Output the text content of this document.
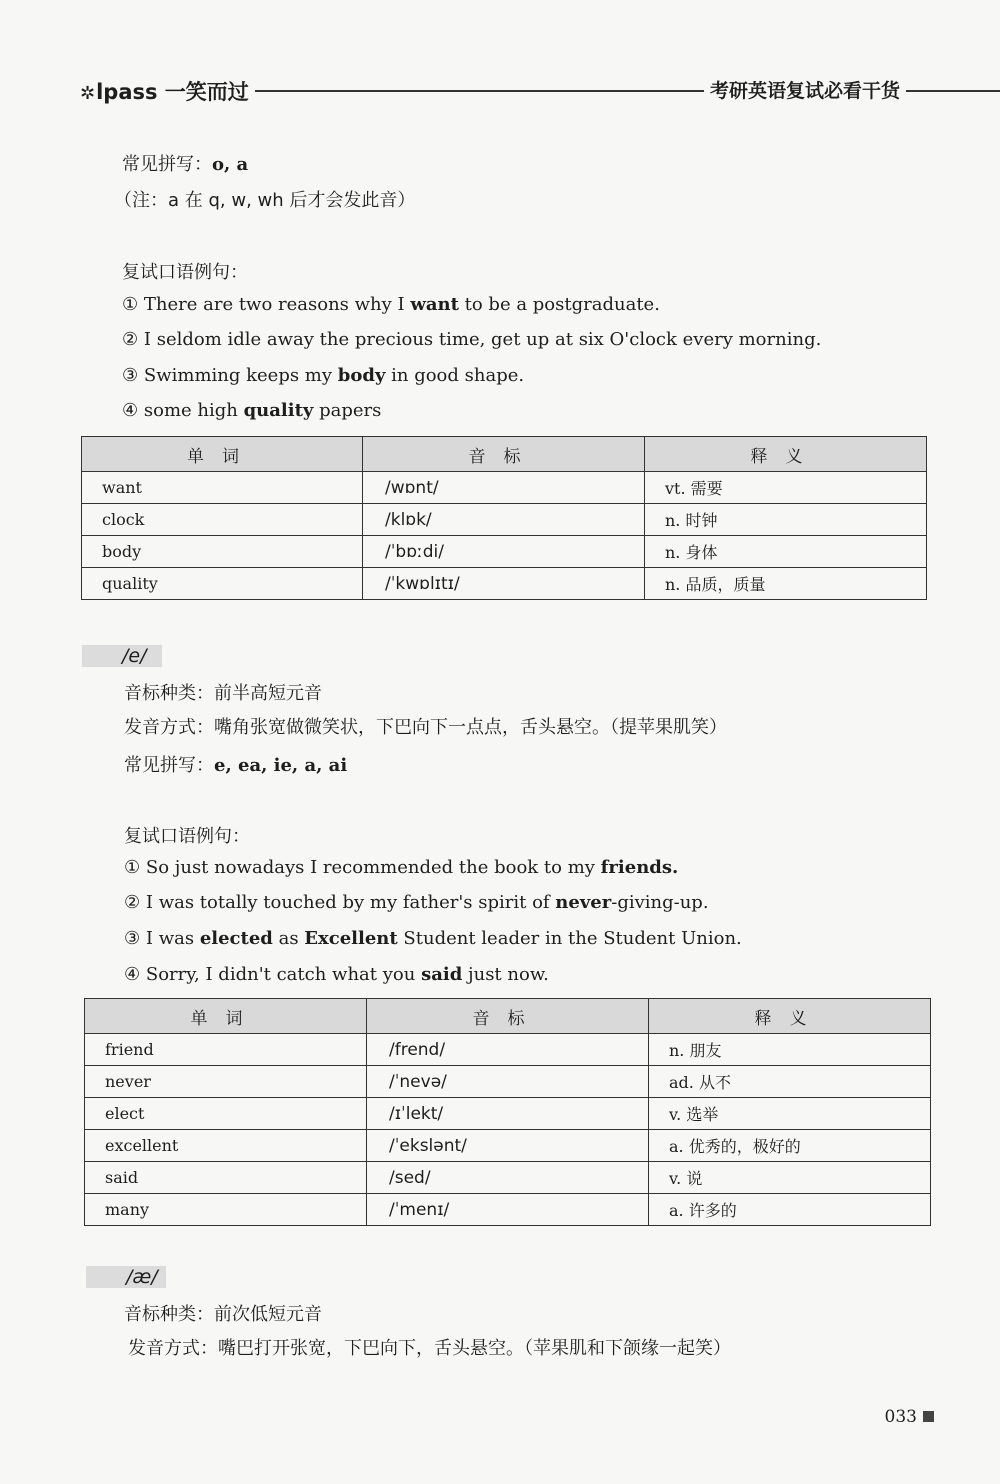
✲lpass 一笑而过	考研英语复试必看干货
常见拼写：o, a
（注：a 在 q, w, wh 后才会发此音）
复试口语例句：
① There are two reasons why I want to be a postgraduate.
② I seldom idle away the precious time, get up at six O'clock every morning.
③ Swimming keeps my body in good shape.
④ some high quality papers
单词	音标	释义
want	/wɒnt/	vt. 需要
clock	/klɒk/	n. 时钟
body	/ˈbɒːdi/	n. 身体
quality	/ˈkwɒlɪtɪ/	n. 品质，质量
/e/
音标种类：前半高短元音
发音方式：嘴角张宽做微笑状，下巴向下一点点，舌头悬空。（提苹果肌笑）
常见拼写：e, ea, ie, a, ai
复试口语例句：
① So just nowadays I recommended the book to my friends.
② I was totally touched by my father's spirit of never-giving-up.
③ I was elected as Excellent Student leader in the Student Union.
④ Sorry, I didn't catch what you said just now.
单词	音标	释义
friend	/frend/	n. 朋友
never	/ˈnevə/	ad. 从不
elect	/ɪˈlekt/	v. 选举
excellent	/ˈekslənt/	a. 优秀的，极好的
said	/sed/	v. 说
many	/ˈmenɪ/	a. 许多的
/æ/
音标种类：前次低短元音
发音方式：嘴巴打开张宽，下巴向下，舌头悬空。（苹果肌和下颌缘一起笑）
033
